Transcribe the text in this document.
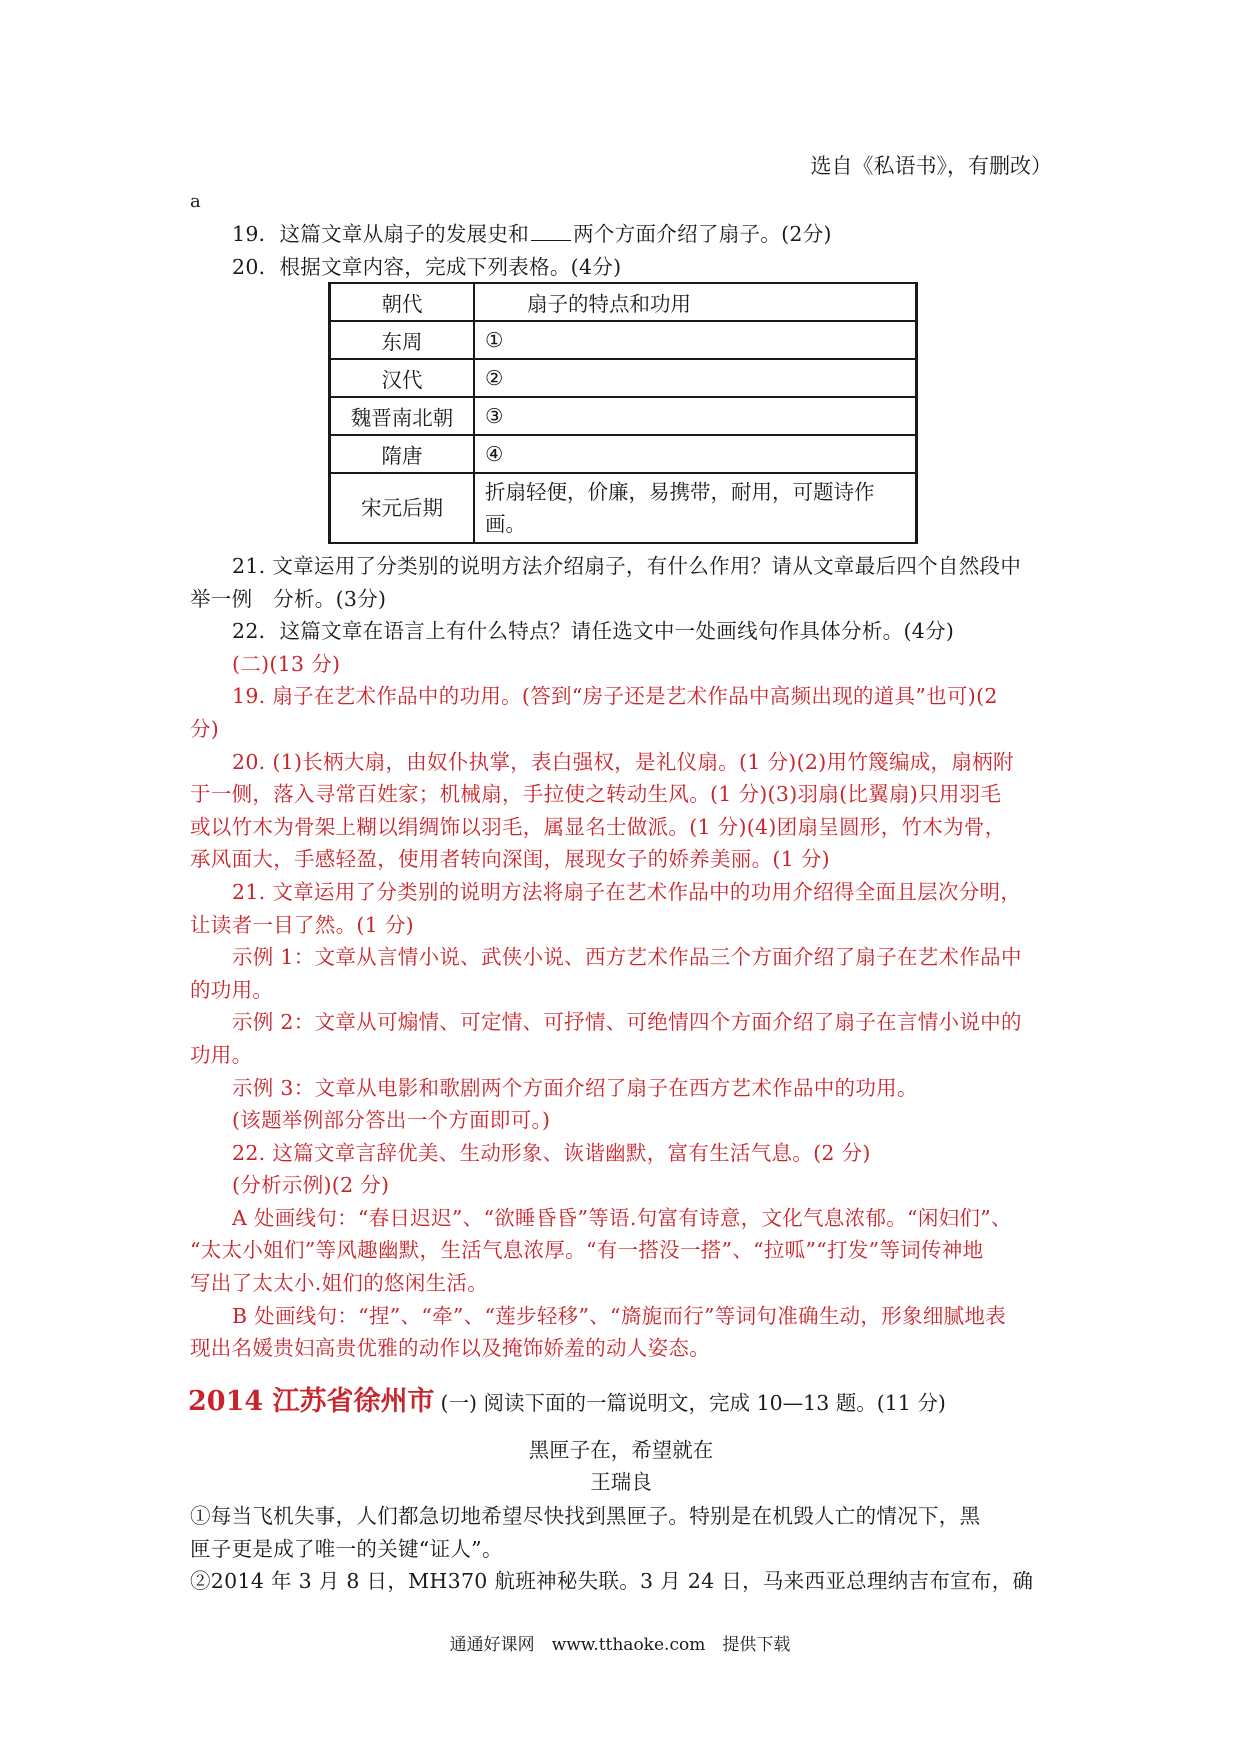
选自《私语书》，有删改）
a

19．这篇文章从扇子的发展史和 两个方面介绍了扇子。(2分)

20．根据文章内容，完成下列表格。(4分)

朝代	扇子的特点和功用
东周	①
汉代	②
魏晋南北朝	③
隋唐	④
宋元后期	折扇轻便，价廉，易携带，耐用，可题诗作画。

21. 文章运用了分类别的说明方法介绍扇子，有什么作用？请从文章最后四个自然段中

举一例　分析。(3分)

22．这篇文章在语言上有什么特点？请任选文中一处画线句作具体分析。(4分)

(二)(13 分)

19. 扇子在艺术作品中的功用。(答到“房子还是艺术作品中高频出现的道具”也可)(2

分)

20. (1)长柄大扇，由奴仆执掌，表白强权，是礼仪扇。(1 分)(2)用竹篾编成，扇柄附

于一侧，落入寻常百姓家；机械扇，手拉使之转动生风。(1 分)(3)羽扇(比翼扇)只用羽毛

或以竹木为骨架上糊以绢绸饰以羽毛，属显名士做派。(1 分)(4)团扇呈圆形，竹木为骨，

承风面大，手感轻盈，使用者转向深闺，展现女子的娇养美丽。(1 分)

21. 文章运用了分类别的说明方法将扇子在艺术作品中的功用介绍得全面且层次分明，

让读者一目了然。(1 分)

示例 1：文章从言情小说、武侠小说、西方艺术作品三个方面介绍了扇子在艺术作品中

的功用。

示例 2：文章从可煽情、可定情、可抒情、可绝情四个方面介绍了扇子在言情小说中的

功用。

示例 3：文章从电影和歌剧两个方面介绍了扇子在西方艺术作品中的功用。

(该题举例部分答出一个方面即可。)

22. 这篇文章言辞优美、生动形象、诙谐幽默，富有生活气息。(2 分)

(分析示例)(2 分)

A 处画线句：“春日迟迟”、“欲睡昏昏”等语.句富有诗意，文化气息浓郁。“闲妇们”、

“太太小姐们”等风趣幽默，生活气息浓厚。“有一搭没一搭”、“拉呱”“打发”等词传神地

写出了太太小.姐们的悠闲生活。

B 处画线句：“捏”、“牵”、“莲步轻移”、“旖旎而行”等词句准确生动，形象细腻地表

现出名媛贵妇高贵优雅的动作以及掩饰娇羞的动人姿态。

2014 江苏省徐州市 (一) 阅读下面的一篇说明文，完成 10—13 题。(11 分)
黑匣子在，希望就在
王瑞良

①每当飞机失事，人们都急切地希望尽快找到黑匣子。特别是在机毁人亡的情况下，黑

匣子更是成了唯一的关键“证人”。

②2014 年 3 月 8 日，MH370 航班神秘失联。3 月 24 日，马来西亚总理纳吉布宣布，确

通通好课网　www.tthaoke.com　提供下载
